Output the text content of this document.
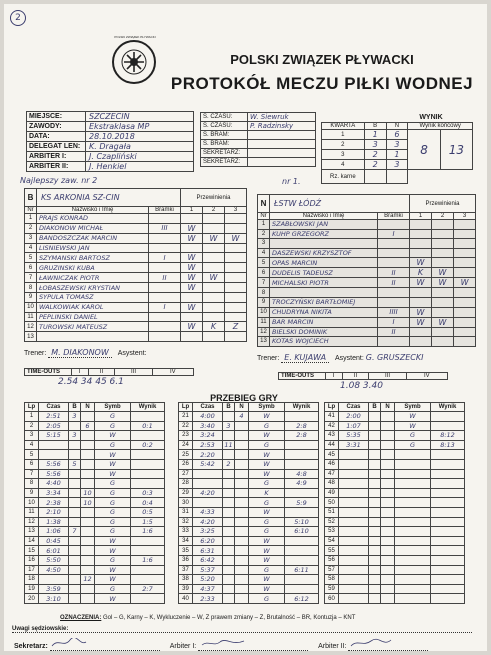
2
POLSKI ZWIĄZEK PŁYWACKI
POLSKI ZWIĄZEK PŁYWACKI
PROTOKÓŁ MECZU PIŁKI WODNEJ
MIEJSCE:	SZCZECIN
ZAWODY:	Ekstraklasa MP
DATA:	28.10.2018
DELEGAT LEN:	K. Dragała
ARBITER I:	J. Czapliński
ARBITER II:	J. Henkiel
S. CZASU:	W. Siewruk
S. CZASU:	P. Radzinsky
S. BRAM:	
S. BRAM:	
SEKRETARZ:	
SEKRETARZ:	
WYNIK
KWARTA	B	N	Wynik końcowy	
1	1	6	8	13
2	3	3		
3	2	1		
4	2	3		
Rz. karne				
Najlepszy zaw. nr 2	nr 1.
B	KS ARKONIA SZ-CIN		Przewinienia		
Nr	Nazwisko i Imię	Bramki	1	2	3
1	PRAJS KONRAD				
2	DIAKONOW MICHAŁ	III	W		
3	BANDOSZCZAK MARCIN		W	W	W
4	LISNIEWSKI JAN				
5	SZYMANSKI BARTOSZ	I	W		
6	GRUZINSKI KUBA		W		
7	ŁAWNICZAK PIOTR	II	W	W	
8	ŁOBASZEWSKI KRYSTIAN		W		
9	SYPULA TOMASZ				
10	WALKOWIAK KAROL	I	W		
11	PEPLINSKI DANIEL				
12	TUROWSKI MATEUSZ		W	K	Z
13					
Trener: M. DIAKONOW Asystent:
N	ŁSTW ŁÓDŹ		Przewinienia		
Nr	Nazwisko i Imię	Bramki	1	2	3
1	SZABŁOWSKI JAN				
2	KUHP GRZEGORZ	I			
3					
4	DASZEWSKI KRZYSZTOF				
5	OPAS MARCIN		W		
6	DUDELIS TADEUSZ	II	K	W	
7	MICHALSKI PIOTR	II	W	W	W
8					
9	TROCZYŃSKI BARTŁOMIEJ				
10	CHUDRYNA NIKITA	IIII	W		
11	BAR MARCIN	I	W	W	
12	BIELSKI DOMINIK	II			
13	KOTAS WOJCIECH				
Trener: E. KUJAWA Asystent: G. GRUSZECKI
TIME-OUTS	I	II	III	IV
2.54 34 45 6.1
TIME-OUTS	I	II	III	IV
1.08 3.40
PRZEBIEG GRY
Lp	Czas	B	N	Symb	Wynik
1	2:51	3		G	
2	2:05		6	G	0:1
3	5:15	3		W	
4				G	0:2
5				W	
6	5:56	5		W	
7	5:56			W	
8	4:40			G	
9	3:34		10	G	0:3
10	2:38		10	G	0:4
11	2:10			G	0:5
12	1:38			G	1:5
13	1:06	7		G	1:6
14	0:45			W	
15	6:01			W	
16	5:50			G	1:6
17	4:50			W	
18			12	W	
19	3:59			G	2:7
20	3:10			W	
Lp	Czas	B	N	Symb	Wynik
21	4:00		4	W	
22	3:40	3		G	2:8
23	3:24			W	2:8
24	2:53	11		G	
25	2:20			W	
26	5:42	2		W	
27				W	4:8
28				G	4:9
29	4:20			K	
30				G	5:9
31	4:33			W	
32	4:20			G	5:10
33	3:25			G	6:10
34	6:20			W	
35	6:31			W	
36	6:42			W	
37	5:37			G	6:11
38	5:20			W	
39	4:37			W	
40	2:33			G	6:12
Lp	Czas	B	N	Symb	Wynik
41	2:00			W	
42	1:07			W	
43	5:35			G	8:12
44	3:31			G	8:13
45					
46					
47					
48					
49					
50					
51					
52					
53					
54					
55					
56					
57					
58					
59					
60					
OZNACZENIA: Gol – G, Karny – K, Wykluczenie – W, Z prawem zmiany – Z, Brutalność – BR, Kontuzja – KNT
Uwagi sędziowskie:
Sekretarz:	Arbiter I:	Arbiter II:
